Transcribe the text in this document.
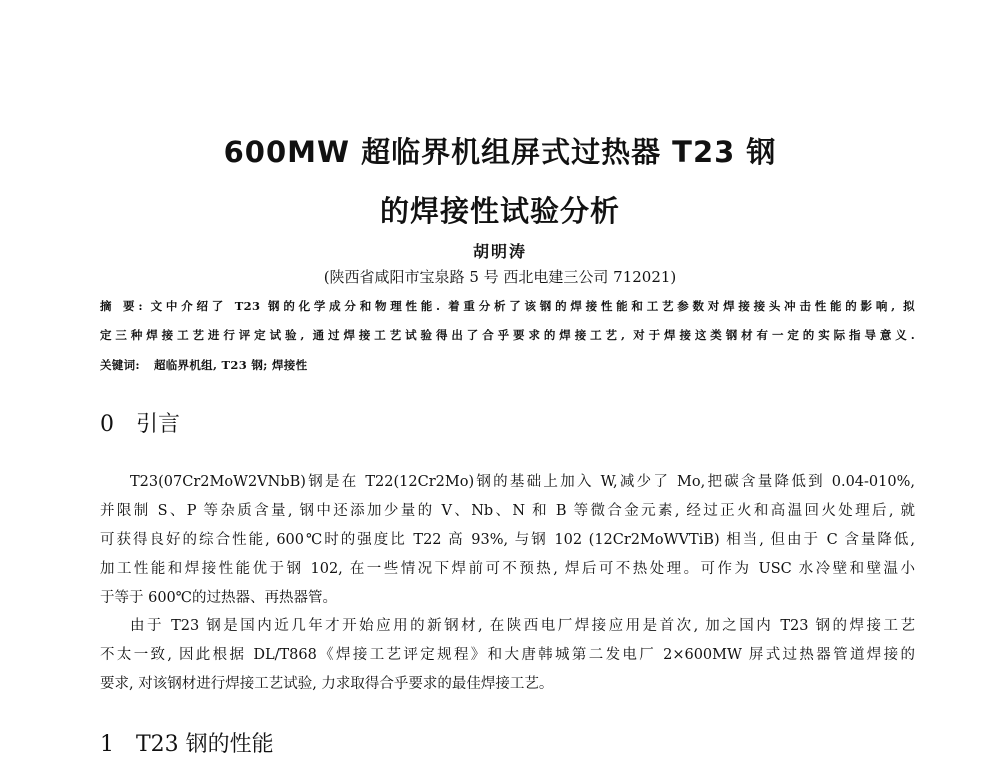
600MW 超临界机组屏式过热器 T23 钢
的焊接性试验分析
胡明涛
(陕西省咸阳市宝泉路 5 号 西北电建三公司 712021)
摘 要: 文中介绍了 T23 钢的化学成分和物理性能. 着重分析了该钢的焊接性能和工艺参数对焊接接头冲击性能的影响, 拟
定三种焊接工艺进行评定试验, 通过焊接工艺试验得出了合乎要求的焊接工艺, 对于焊接这类钢材有一定的实际指导意义.
关键词: 超临界机组, T23 钢; 焊接性
0 引言
T23(07Cr2MoW2VNbB)钢是在 T22(12Cr2Mo)钢的基础上加入 W,减少了 Mo,把碳含量降低到 0.04-010%,
并限制 S、P 等杂质含量, 钢中还添加少量的 V、Nb、N 和 B 等微合金元素, 经过正火和高温回火处理后, 就
可获得良好的综合性能, 600℃时的强度比 T22 高 93%, 与钢 102 (12Cr2MoWVTiB) 相当, 但由于 C 含量降低,
加工性能和焊接性能优于钢 102, 在一些情况下焊前可不预热, 焊后可不热处理。可作为 USC 水冷壁和壁温小
于等于 600℃的过热器、再热器管。
由于 T23 钢是国内近几年才开始应用的新钢材, 在陕西电厂焊接应用是首次, 加之国内 T23 钢的焊接工艺
不太一致, 因此根据 DL/T868《焊接工艺评定规程》和大唐韩城第二发电厂 2×600MW 屏式过热器管道焊接的
要求, 对该钢材进行焊接工艺试验, 力求取得合乎要求的最佳焊接工艺。
1 T23 钢的性能
